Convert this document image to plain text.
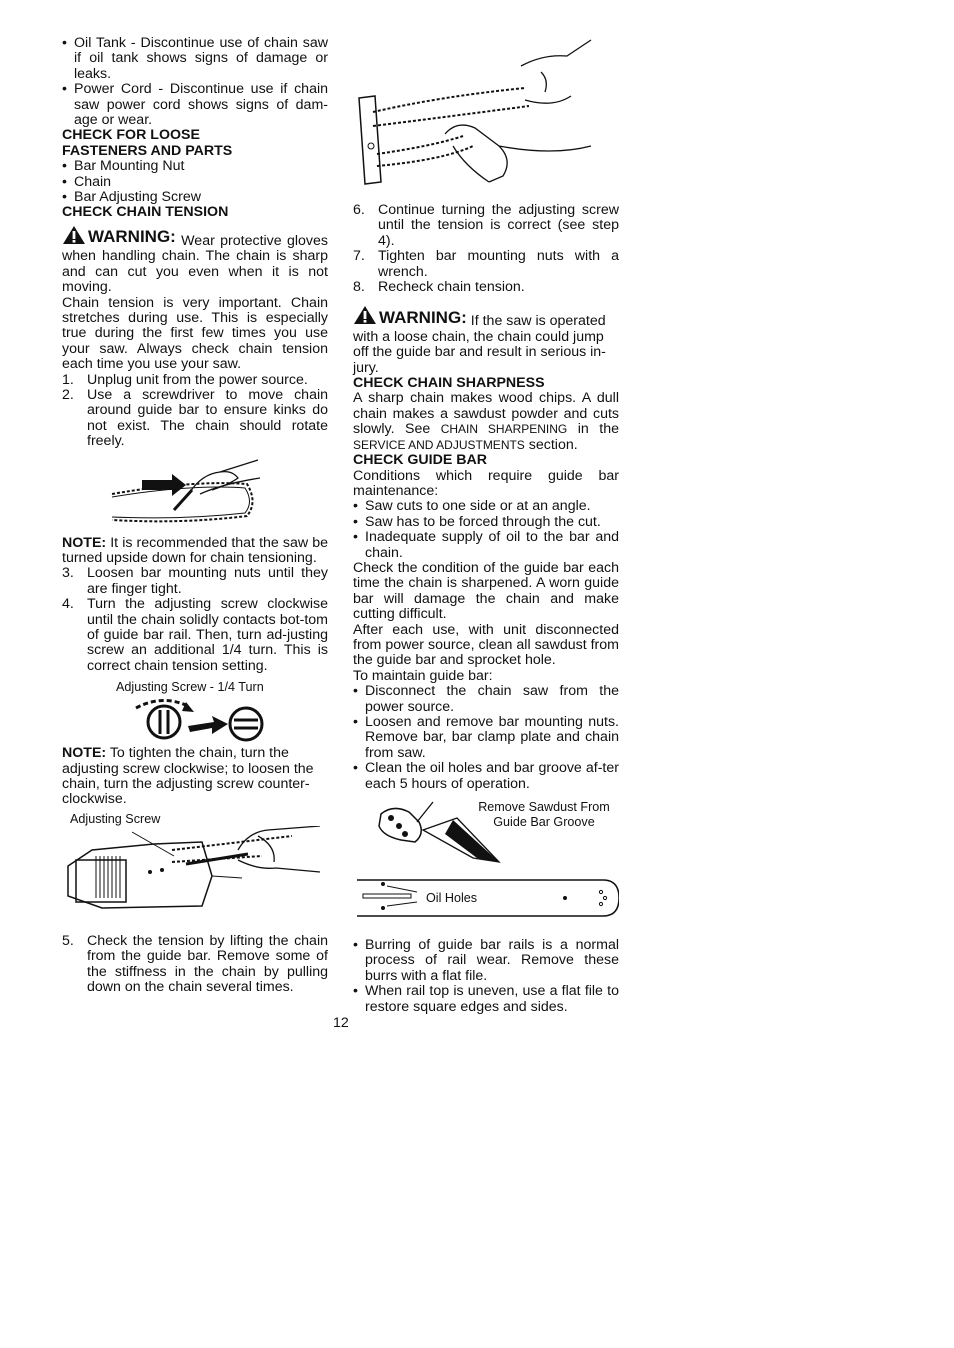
• Oil Tank - Discontinue use of chain saw if oil tank shows signs of damage or leaks.
• Power Cord - Discontinue use if chain saw power cord shows signs of dam-age or wear.

CHECK FOR LOOSE FASTENERS AND PARTS

• Bar Mounting Nut
• Chain
• Bar Adjusting Screw

CHECK CHAIN TENSION

WARNING: Wear protective gloves when handling chain. The chain is sharp and can cut you even when it is not moving.

Chain tension is very important. Chain stretches during use. This is especially true during the first few times you use your saw. Always check chain tension each time you use your saw.

1. Unplug unit from the power source.
2. Use a screwdriver to move chain around guide bar to ensure kinks do not exist. The chain should rotate freely.

NOTE: It is recommended that the saw be turned upside down for chain tensioning.

3. Loosen bar mounting nuts until they are finger tight.
4. Turn the adjusting screw clockwise until the chain solidly contacts bot-tom of guide bar rail. Then, turn ad-justing screw an additional 1/4 turn. This is correct chain tension setting.
Adjusting Screw - 1/4 Turn

NOTE: To tighten the chain, turn the adjusting screw clockwise; to loosen the chain, turn the adjusting screw counter-clockwise.

Adjusting Screw
5. Check the tension by lifting the chain from the guide bar. Remove some of the stiffness in the chain by pulling down on the chain several times.
6. Continue turning the adjusting screw until the tension is correct (see step 4).
7. Tighten bar mounting nuts with a wrench.
8. Recheck chain tension.

WARNING: If the saw is operated with a loose chain, the chain could jump off the guide bar and result in serious in-jury.

CHECK CHAIN SHARPNESS

A sharp chain makes wood chips. A dull chain makes a sawdust powder and cuts slowly. See CHAIN SHARPENING in the SERVICE AND ADJUSTMENTS section.

CHECK GUIDE BAR

Conditions which require guide bar maintenance:

• Saw cuts to one side or at an angle.
• Saw has to be forced through the cut.
• Inadequate supply of oil to the bar and chain.

Check the condition of the guide bar each time the chain is sharpened. A worn guide bar will damage the chain and make cutting difficult.

After each use, with unit disconnected from power source, clean all sawdust from the guide bar and sprocket hole.

To maintain guide bar:

• Disconnect the chain saw from the power source.
• Loosen and remove bar mounting nuts. Remove bar, bar clamp plate and chain from saw.
• Clean the oil holes and bar groove af-ter each 5 hours of operation.
Remove Sawdust From Guide Bar Groove
Oil Holes
• Burring of guide bar rails is a normal process of rail wear. Remove these burrs with a flat file.
• When rail top is uneven, use a flat file to restore square edges and sides.
12
